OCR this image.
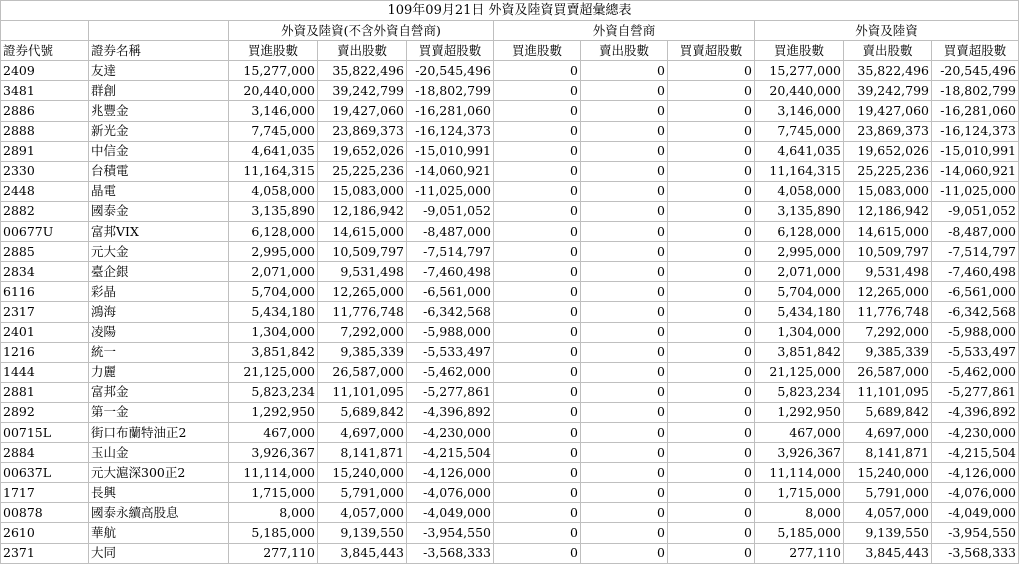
109年09月21日 外資及陸資買賣超彙總表										
		外資及陸資(不含外資自營商)			外資自營商			外資及陸資		
證券代號	證券名稱	買進股數	賣出股數	買賣超股數	買進股數	賣出股數	買賣超股數	買進股數	賣出股數	買賣超股數
2409	友達	15,277,000	35,822,496	-20,545,496	0	0	0	15,277,000	35,822,496	-20,545,496
3481	群創	20,440,000	39,242,799	-18,802,799	0	0	0	20,440,000	39,242,799	-18,802,799
2886	兆豐金	3,146,000	19,427,060	-16,281,060	0	0	0	3,146,000	19,427,060	-16,281,060
2888	新光金	7,745,000	23,869,373	-16,124,373	0	0	0	7,745,000	23,869,373	-16,124,373
2891	中信金	4,641,035	19,652,026	-15,010,991	0	0	0	4,641,035	19,652,026	-15,010,991
2330	台積電	11,164,315	25,225,236	-14,060,921	0	0	0	11,164,315	25,225,236	-14,060,921
2448	晶電	4,058,000	15,083,000	-11,025,000	0	0	0	4,058,000	15,083,000	-11,025,000
2882	國泰金	3,135,890	12,186,942	-9,051,052	0	0	0	3,135,890	12,186,942	-9,051,052
00677U	富邦VIX	6,128,000	14,615,000	-8,487,000	0	0	0	6,128,000	14,615,000	-8,487,000
2885	元大金	2,995,000	10,509,797	-7,514,797	0	0	0	2,995,000	10,509,797	-7,514,797
2834	臺企銀	2,071,000	9,531,498	-7,460,498	0	0	0	2,071,000	9,531,498	-7,460,498
6116	彩晶	5,704,000	12,265,000	-6,561,000	0	0	0	5,704,000	12,265,000	-6,561,000
2317	鴻海	5,434,180	11,776,748	-6,342,568	0	0	0	5,434,180	11,776,748	-6,342,568
2401	凌陽	1,304,000	7,292,000	-5,988,000	0	0	0	1,304,000	7,292,000	-5,988,000
1216	統一	3,851,842	9,385,339	-5,533,497	0	0	0	3,851,842	9,385,339	-5,533,497
1444	力麗	21,125,000	26,587,000	-5,462,000	0	0	0	21,125,000	26,587,000	-5,462,000
2881	富邦金	5,823,234	11,101,095	-5,277,861	0	0	0	5,823,234	11,101,095	-5,277,861
2892	第一金	1,292,950	5,689,842	-4,396,892	0	0	0	1,292,950	5,689,842	-4,396,892
00715L	街口布蘭特油正2	467,000	4,697,000	-4,230,000	0	0	0	467,000	4,697,000	-4,230,000
2884	玉山金	3,926,367	8,141,871	-4,215,504	0	0	0	3,926,367	8,141,871	-4,215,504
00637L	元大滬深300正2	11,114,000	15,240,000	-4,126,000	0	0	0	11,114,000	15,240,000	-4,126,000
1717	長興	1,715,000	5,791,000	-4,076,000	0	0	0	1,715,000	5,791,000	-4,076,000
00878	國泰永續高股息	8,000	4,057,000	-4,049,000	0	0	0	8,000	4,057,000	-4,049,000
2610	華航	5,185,000	9,139,550	-3,954,550	0	0	0	5,185,000	9,139,550	-3,954,550
2371	大同	277,110	3,845,443	-3,568,333	0	0	0	277,110	3,845,443	-3,568,333
